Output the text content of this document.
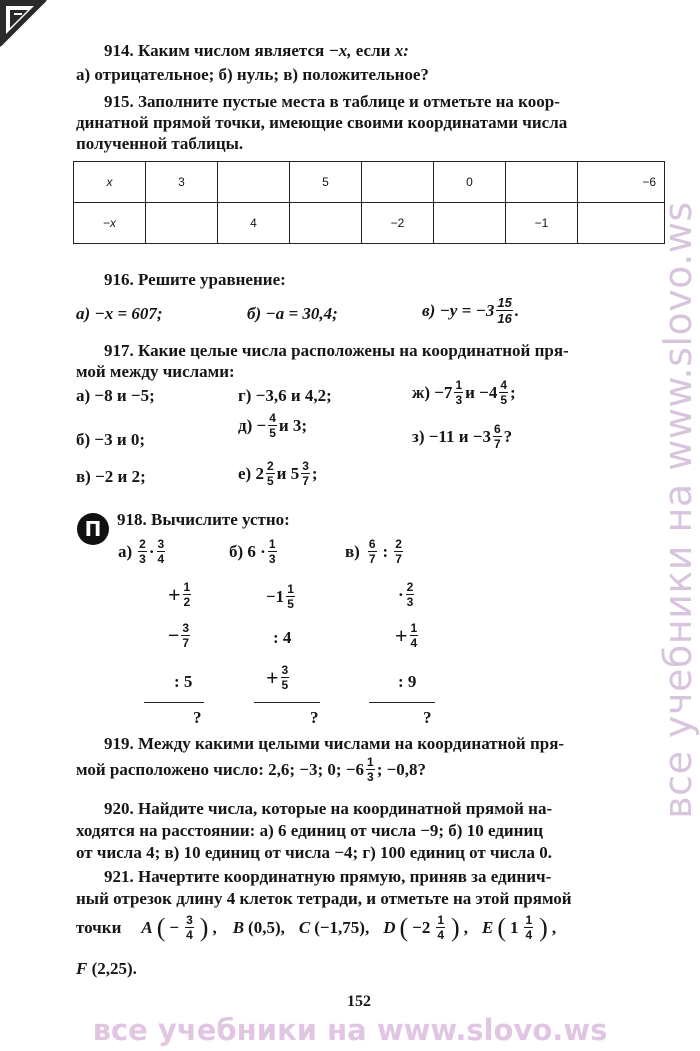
все учебники на www.slovo.ws
914. Каким числом является −x, если x:
а) отрицательное; б) нуль; в) положительное?
915. Заполните пустые места в таблице и отметьте на коор-
динатной прямой точки, имеющие своими координатами числа
полученной таблицы.
x	3		5		0		−6
−x		4		−2		−1	
916. Решите уравнение:
а) −x = 607;	б) −a = 30,4;	$в) -y = -3 \frac{15}{16}$ .
917. Какие целые числа расположены на координатной пря-
мой между числами:
а) −8 и −5;
б) −3 и 0;
в) −2 и 2;
г) −3,6 и 4,2;
$д) - \frac{4}{5}$ и 3;
е) $2 \frac{2}{5}$ и $5 \frac{3}{7}$ ;
$ж) -7 \frac{1}{3}$ $и -4 \frac{4}{5}$ ;
з) −11 $и -3 \frac{6}{7}$ ?
П 918. Вычислите устно:
$а) \frac{2}{3} \cdot \frac{3}{4}$
+ $\frac{1}{2}$
− $\frac{3}{7}$
: 5
?
б) $6 \cdot \frac{1}{3}$
$-1 \frac{1}{5}$
: 4
+ $\frac{3}{5}$
?
$в) \frac{6}{7}$ : $\frac{2}{7}$
· $\frac{2}{3}$
+ $\frac{1}{4}$
: 9
?
919. Между какими целыми числами на координатной пря-
мой расположено число: 2,6; −3; 0; $-6 \frac{1}{3}$ ; −0,8?
920. Найдите числа, которые на координатной прямой на-
ходятся на расстоянии: а) 6 единиц от числа −9; б) 10 единиц
от числа 4; в) 10 единиц от числа −4; г) 100 единиц от числа 0.
921. Начертите координатную прямую, приняв за единич-
ный отрезок длину 4 клеток тетради, и отметьте на этой прямой
точки A ( − $\frac{3}{4}$ ) , B (0,5), C (−1,75), D ( $-2 \frac{1}{4}$ ) , E ( $1 \frac{1}{4}$ ) ,
F (2,25).
152
все учебники на www.slovo.ws
